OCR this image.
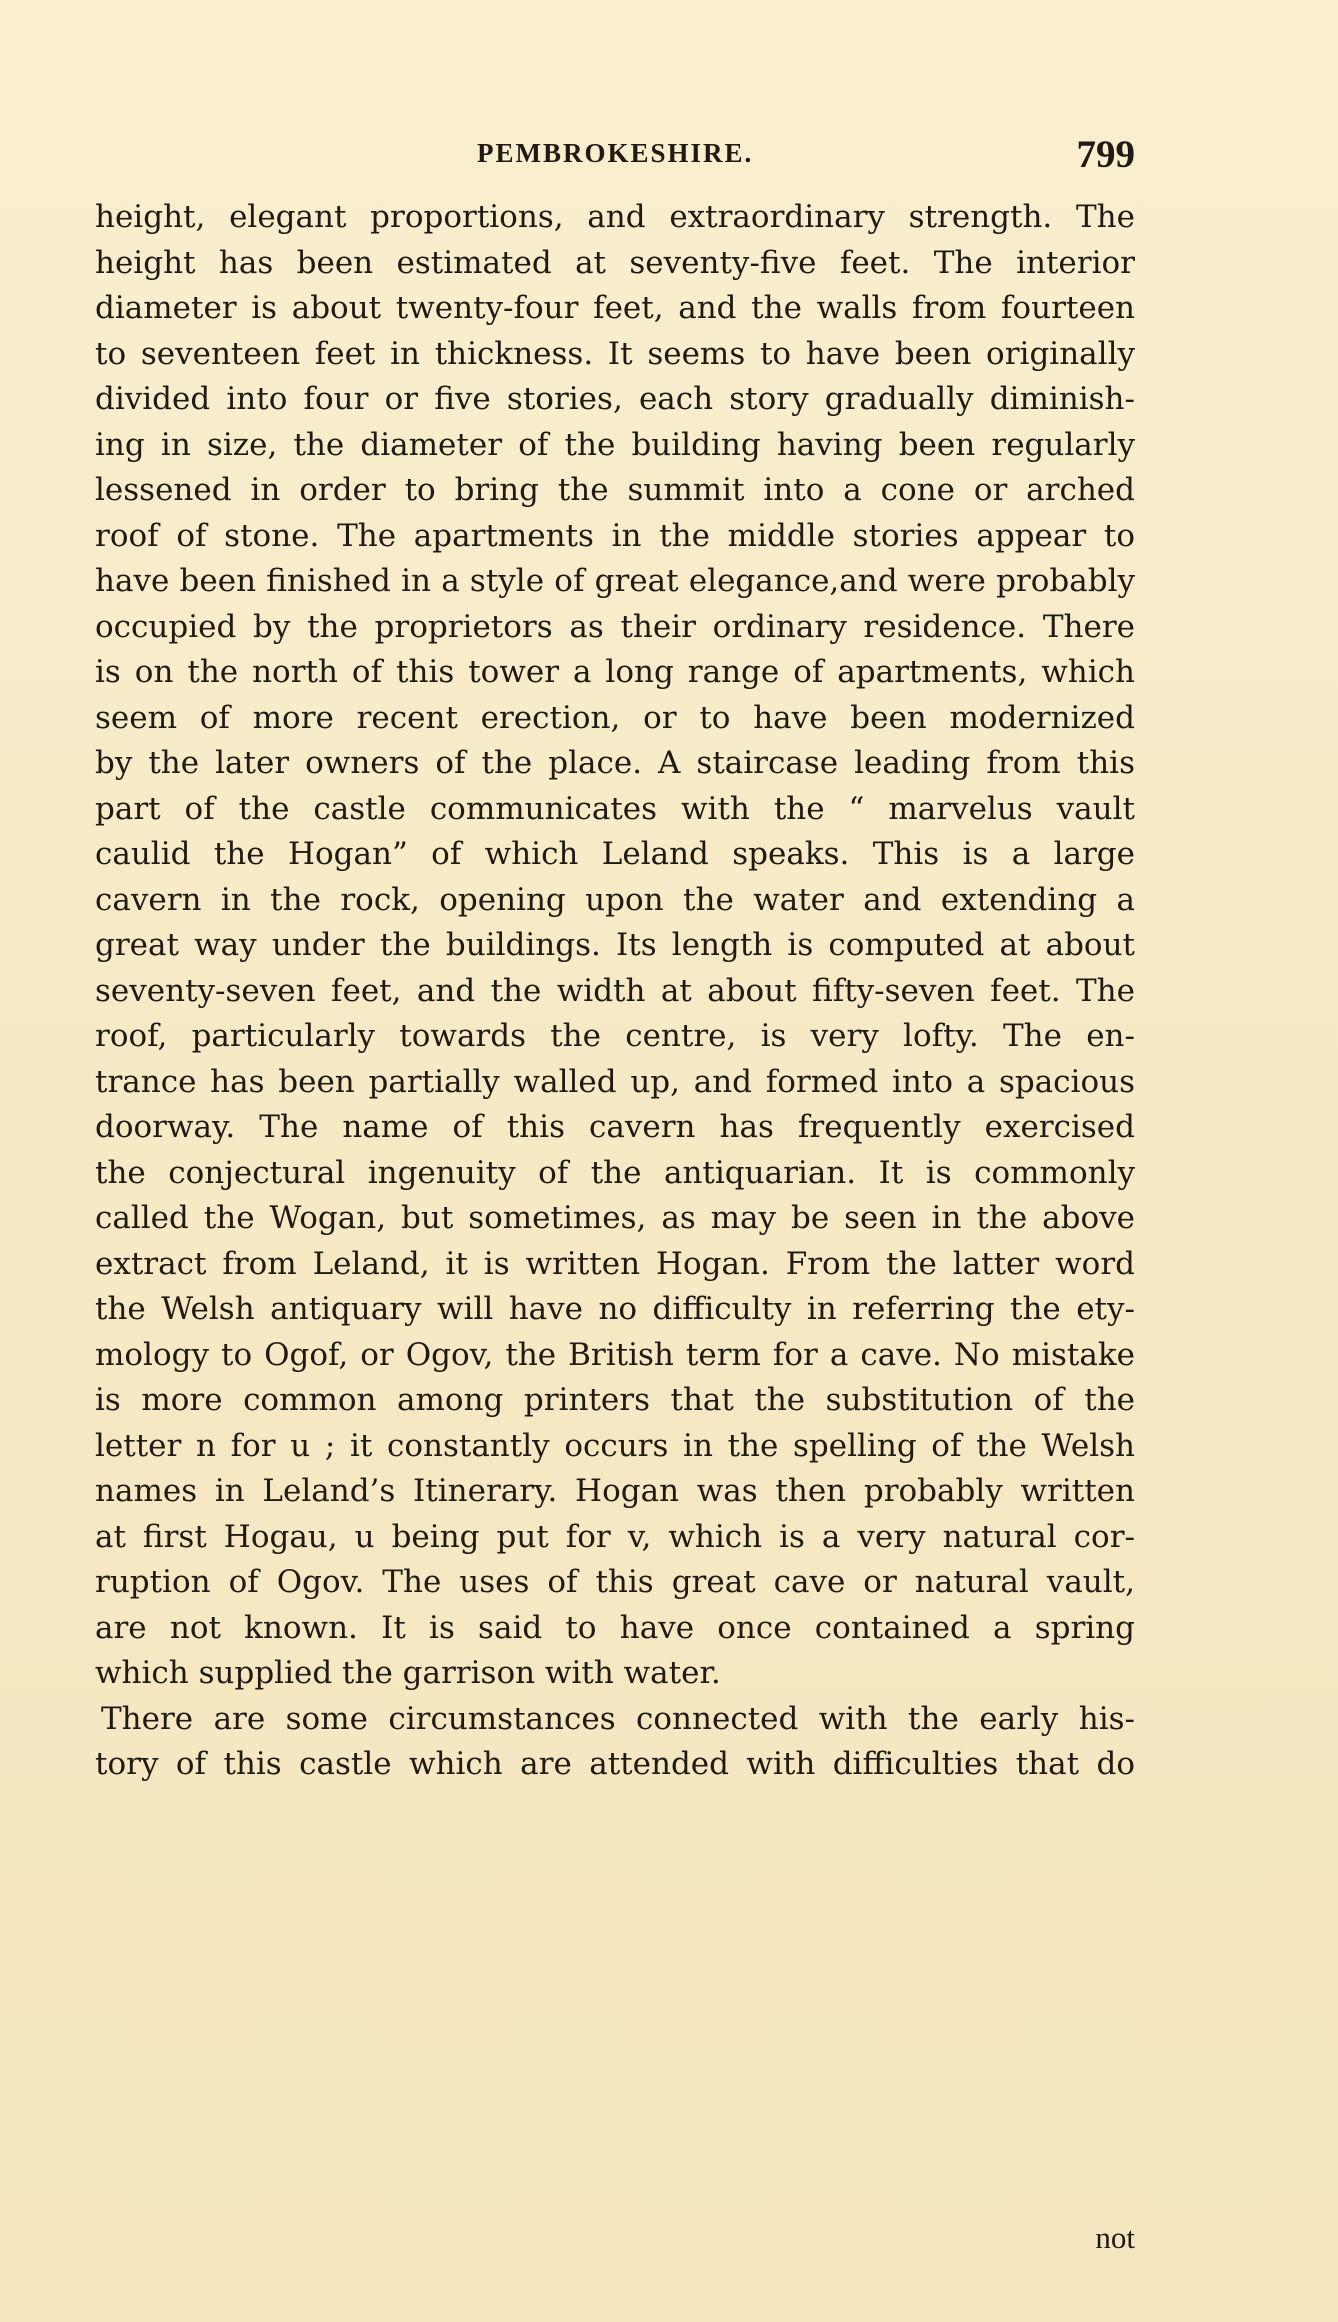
PEMBROKESHIRE.	799
height, elegant proportions, and extraordinary strength. The
height has been estimated at seventy-five feet. The interior
diameter is about twenty-four feet, and the walls from fourteen
to seventeen feet in thickness. It seems to have been originally
divided into four or five stories, each story gradually diminish-
ing in size, the diameter of the building having been regularly
lessened in order to bring the summit into a cone or arched
roof of stone. The apartments in the middle stories appear to
have been finished in a style of great elegance,and were probably
occupied by the proprietors as their ordinary residence. There
is on the north of this tower a long range of apartments, which
seem of more recent erection, or to have been modernized
by the later owners of the place. A staircase leading from this
part of the castle communicates with the “ marvelus vault
caulid the Hogan” of which Leland speaks. This is a large
cavern in the rock, opening upon the water and extending a
great way under the buildings. Its length is computed at about
seventy-seven feet, and the width at about fifty-seven feet. The
roof, particularly towards the centre, is very lofty. The en-
trance has been partially walled up, and formed into a spacious
doorway. The name of this cavern has frequently exercised
the conjectural ingenuity of the antiquarian. It is commonly
called the Wogan, but sometimes, as may be seen in the above
extract from Leland, it is written Hogan. From the latter word
the Welsh antiquary will have no difficulty in referring the ety-
mology to Ogof, or Ogov, the British term for a cave. No mistake
is more common among printers that the substitution of the
letter n for u ; it constantly occurs in the spelling of the Welsh
names in Leland’s Itinerary. Hogan was then probably written
at first Hogau, u being put for v, which is a very natural cor-
ruption of Ogov. The uses of this great cave or natural vault,
are not known. It is said to have once contained a spring
which supplied the garrison with water.
There are some circumstances connected with the early his-
tory of this castle which are attended with difficulties that do
not
